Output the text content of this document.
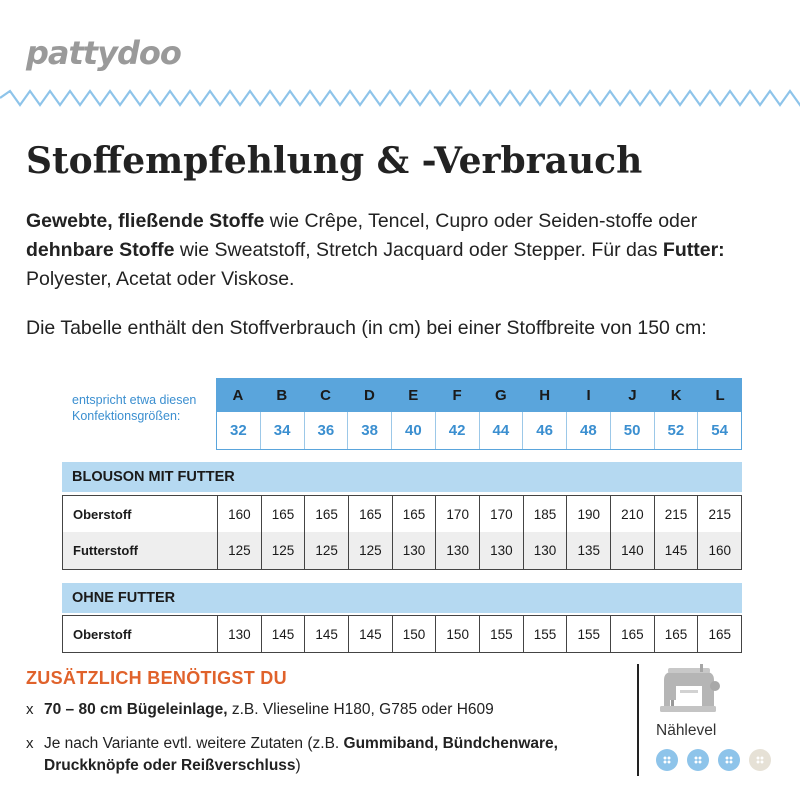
pattydoo
Stoffempfehlung & -Verbrauch

Gewebte, fließende Stoffe wie Crêpe, Tencel, Cupro oder Seiden-stoffe oder dehnbare Stoffe wie Sweatstoff, Stretch Jacquard oder Stepper. Für das Futter: Polyester, Acetat oder Viskose.

Die Tabelle enthält den Stoffverbrauch (in cm) bei einer Stoffbreite von 150 cm:

entspricht etwa diesen Konfektionsgrößen:
A	B	C	D	E	F	G	H	I	J	K	L
32	34	36	38	40	42	44	46	48	50	52	54
BLOUSON MIT FUTTER
Oberstoff	160	165	165	165	165	170	170	185	190	210	215	215
Futterstoff	125	125	125	125	130	130	130	130	135	140	145	160
OHNE FUTTER
Oberstoff	130	145	145	145	150	150	155	155	155	165	165	165
ZUSÄTZLICH BENÖTIGST DU
x 70 – 80 cm Bügeleinlage, z.B. Vlieseline H180, G785 oder H609
x Je nach Variante evtl. weitere Zutaten (z.B. Gummiband, Bündchenware, Druckknöpfe oder Reißverschluss)
Nählevel
